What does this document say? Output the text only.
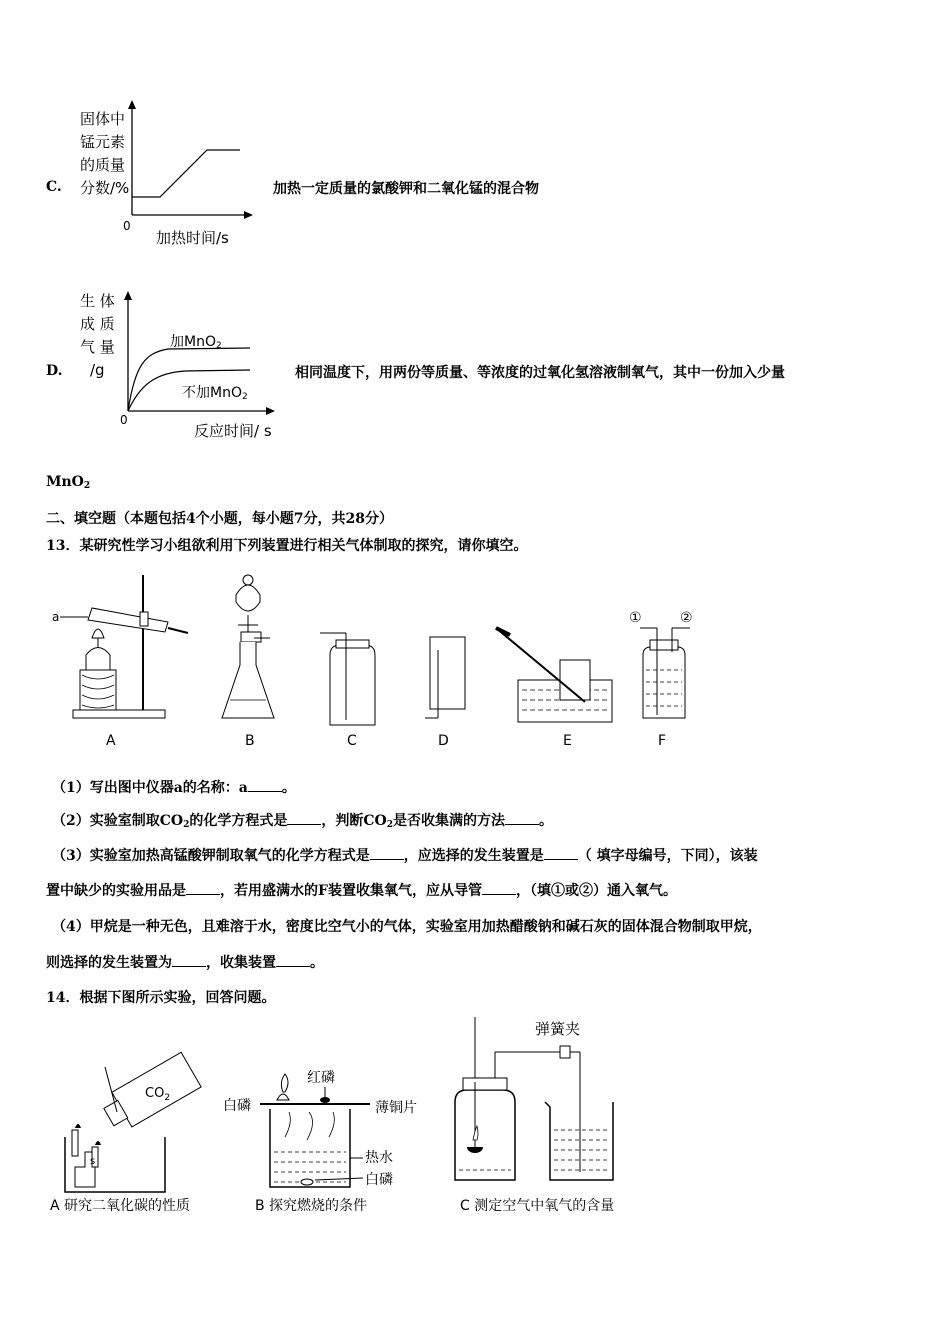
C.
固体中
锰元素
的质量
分数/%
0
加热时间/s
加热一定质量的氯酸钾和二氧化锰的混合物
D.
生 体
成 质
气 量
/g
加MnO$_2$
不加MnO$_2$
0
反应时间/ s
相同温度下，用两份等质量、等浓度的过氧化氢溶液制氧气，其中一份加入少量
MnO$_2$
二、填空题（本题包括4个小题，每小题7分，共28分）
13．某研究性学习小组欲利用下列装置进行相关气体制取的探究，请你填空。
a
A	B	C	D	E
①	②
F
（1）写出图中仪器a的名称：a 。
（2）实验室制取$CO_2$的化学方程式是 ，判断$CO_2$是否收集满的方法 。
（3）实验室加热高锰酸钾制取氧气的化学方程式是 ，应选择的发生装置是 （ 填字母编号，下同），该装
置中缺少的实验用品是 ，若用盛满水的F装置收集氧气，应从导管 ，（填①或②）通入氧气。
（4）甲烷是一种无色，且难溶于水，密度比空气小的气体，实验室用加热醋酸钠和碱石灰的固体混合物制取甲烷，
则选择的发生装置为 ，收集装置 。
14．根据下图所示实验，回答问题。
s
$CO_2$
A 研究二氧化碳的性质
白磷
红磷
薄铜片
热水
白磷
B 探究燃烧的条件
弹簧夹
C 测定空气中氧气的含量
